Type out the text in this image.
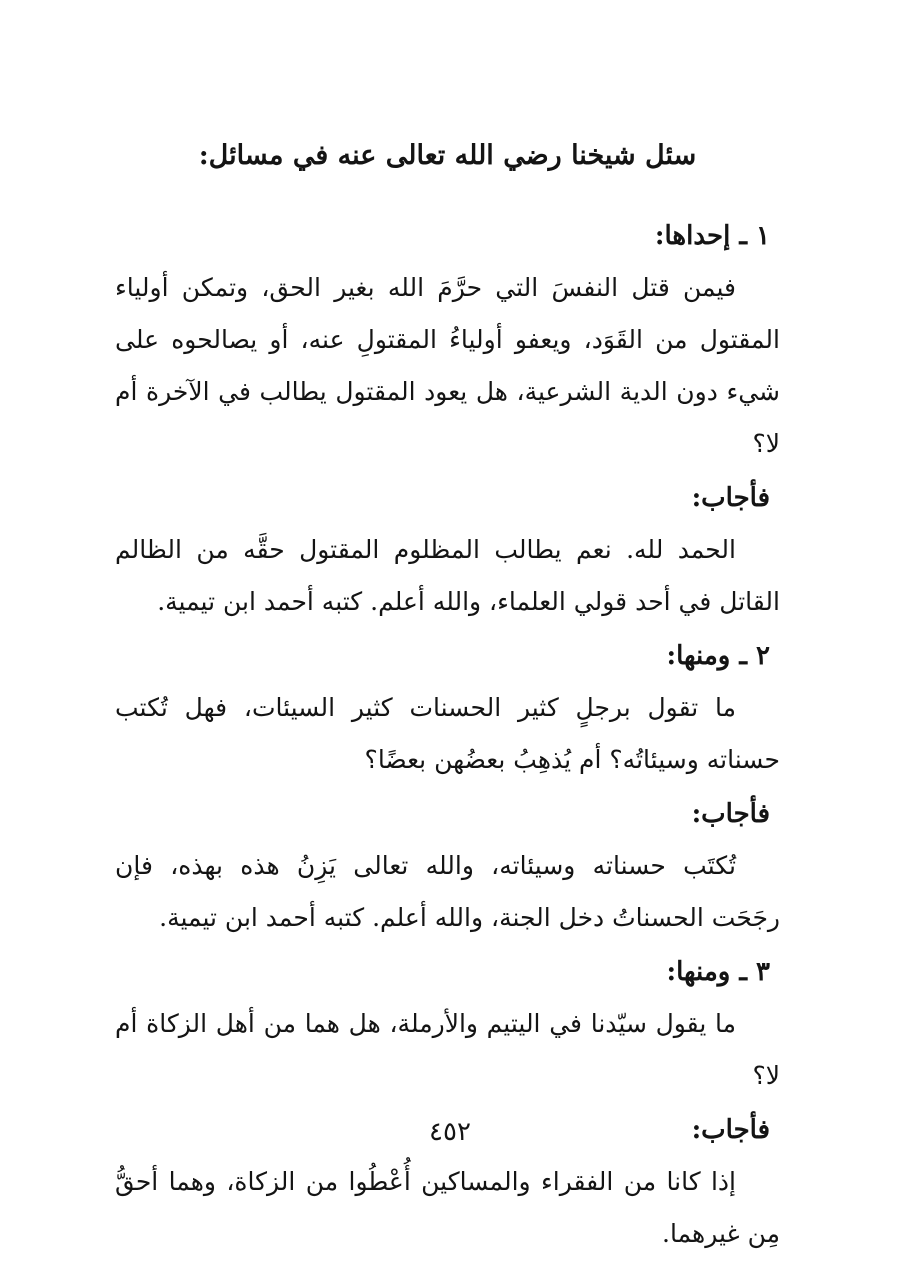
سئل شيخنا رضي الله تعالى عنه في مسائل:
١ ـ إحداها:
فيمن قتل النفسَ التي حرَّمَ الله بغير الحق، وتمكن أولياء المقتول من القَوَد، ويعفو أولياءُ المقتولِ عنه، أو يصالحوه على شيء دون الدية الشرعية، هل يعود المقتول يطالب في الآخرة أم لا؟
فأجاب:
الحمد لله. نعم يطالب المظلوم المقتول حقَّه من الظالم القاتل في أحد قولي العلماء، والله أعلم. كتبه أحمد ابن تيمية.
٢ ـ ومنها:
ما تقول برجلٍ كثير الحسنات كثير السيئات، فهل تُكتب حسناته وسيئاتُه؟ أم يُذهِبُ بعضُهن بعضًا؟
فأجاب:
تُكتَب حسناته وسيئاته، والله تعالى يَزِنُ هذه بهذه، فإن رجَحَت الحسناتُ دخل الجنة، والله أعلم. كتبه أحمد ابن تيمية.
٣ ـ ومنها:
ما يقول سيّدنا في اليتيم والأرملة، هل هما من أهل الزكاة أم لا؟
فأجاب:
إذا كانا من الفقراء والمساكين أُعْطُوا من الزكاة، وهما أحقُّ مِن غيرهما.
٤٥٢
